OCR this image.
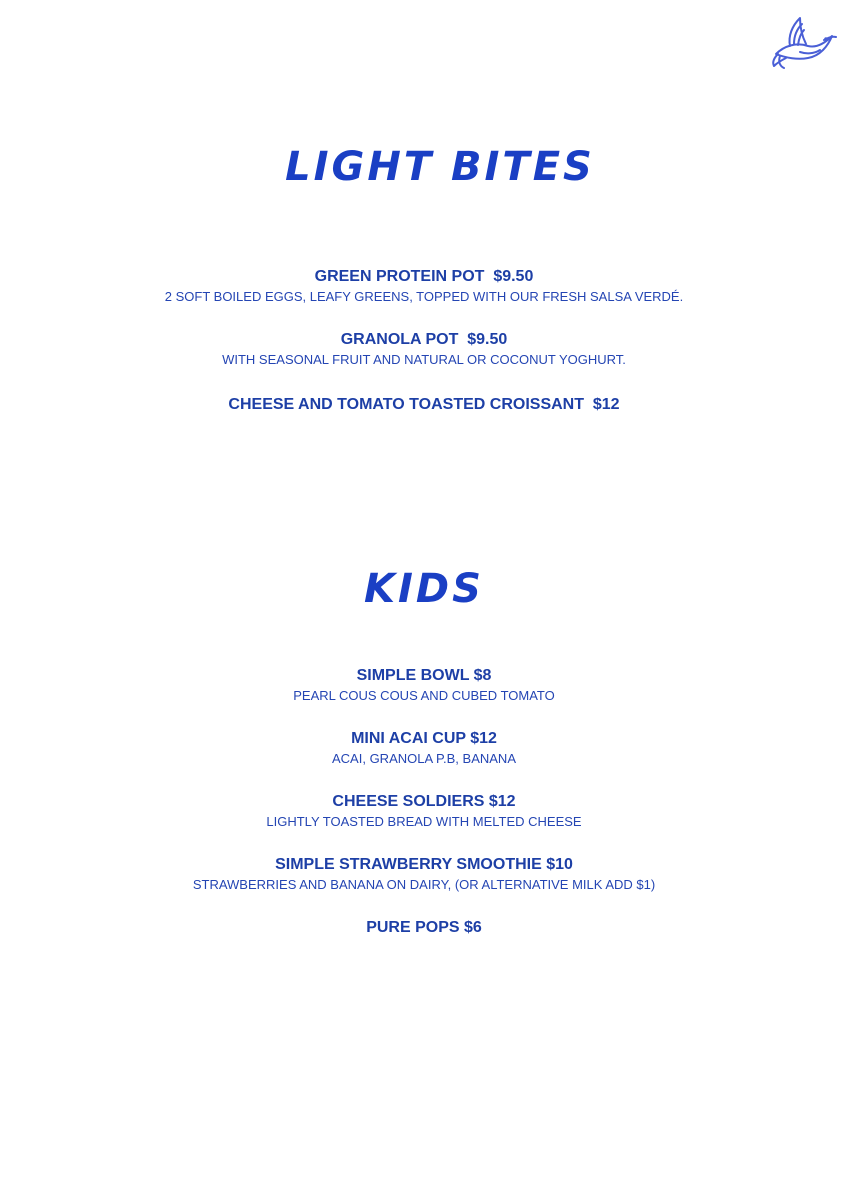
LIGHT BITES
GREEN PROTEIN POT  $9.50
2 SOFT BOILED EGGS, LEAFY GREENS, TOPPED WITH OUR FRESH SALSA VERDÉ.
GRANOLA POT  $9.50
WITH SEASONAL FRUIT AND NATURAL OR COCONUT YOGHURT.
CHEESE AND TOMATO TOASTED CROISSANT  $12
KIDS
SIMPLE BOWL $8
PEARL COUS COUS AND CUBED TOMATO
MINI ACAI CUP $12
ACAI, GRANOLA P.B, BANANA
CHEESE SOLDIERS $12
LIGHTLY TOASTED BREAD WITH MELTED CHEESE
SIMPLE STRAWBERRY SMOOTHIE $10
STRAWBERRIES AND BANANA ON DAIRY, (OR ALTERNATIVE MILK ADD $1)
PURE POPS $6
